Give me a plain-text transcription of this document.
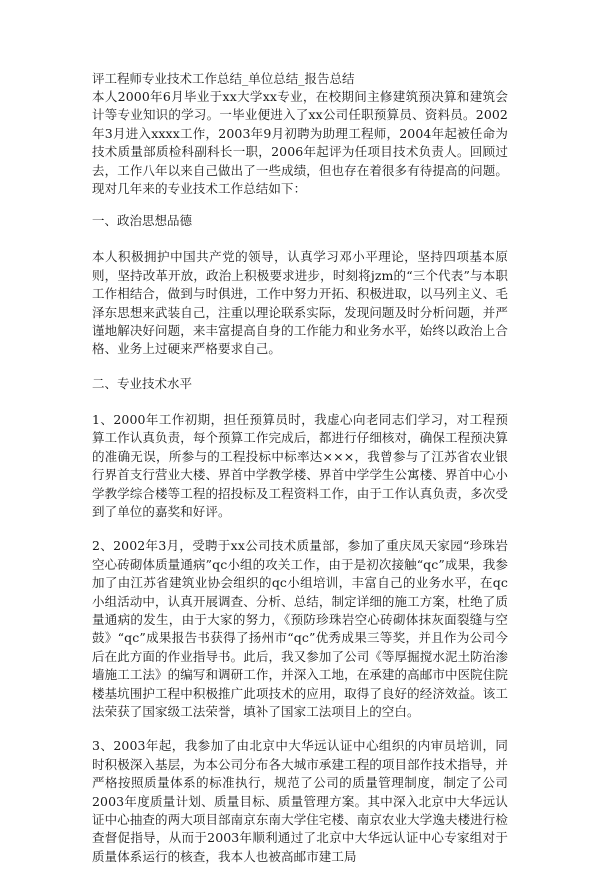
评工程师专业技术工作总结_单位总结_报告总结

本人2000年6月毕业于xx大学xx专业，在校期间主修建筑预决算和建筑会计等专业知识的学习。一毕业便进入了xx公司任职预算员、资料员。2002年3月进入xxxx工作，2003年9月初聘为助理工程师，2004年起被任命为技术质量部质检科副科长一职，2006年起评为任项目技术负责人。回顾过去，工作八年以来自己做出了一些成绩，但也存在着很多有待提高的问题。现对几年来的专业技术工作总结如下：

一、政治思想品德

本人积极拥护中国共产党的领导，认真学习邓小平理论，坚持四项基本原则，坚持改革开放，政治上积极要求进步，时刻将jzm的“三个代表”与本职工作相结合，做到与时俱进，工作中努力开拓、积极进取，以马列主义、毛泽东思想来武装自己，注重以理论联系实际，发现问题及时分析问题，并严谨地解决好问题，来丰富提高自身的工作能力和业务水平，始终以政治上合格、业务上过硬来严格要求自己。

二、专业技术水平

1、2000年工作初期，担任预算员时，我虚心向老同志们学习，对工程预算工作认真负责，每个预算工作完成后，都进行仔细核对，确保工程预决算的准确无误，所参与的工程投标中标率达×××，我曾参与了江苏省农业银行界首支行营业大楼、界首中学教学楼、界首中学学生公寓楼、界首中心小学教学综合楼等工程的招投标及工程资料工作，由于工作认真负责，多次受到了单位的嘉奖和好评。

2、2002年3月，受聘于xx公司技术质量部，参加了重庆凤天家园“珍珠岩空心砖砌体质量通病”qc小组的攻关工作，由于是初次接触“qc”成果，我参加了由江苏省建筑业协会组织的qc小组培训，丰富自己的业务水平，在qc小组活动中，认真开展调查、分析、总结，制定详细的施工方案，杜绝了质量通病的发生，由于大家的努力，《预防珍珠岩空心砖砌体抹灰面裂缝与空鼓》“qc”成果报告书获得了扬州市“qc”优秀成果三等奖，并且作为公司今后在此方面的作业指导书。此后，我又参加了公司《等厚掘搅水泥土防治渗墙施工工法》的编写和调研工作，并深入工地，在承建的高邮市中医院住院楼基坑围护工程中积极推广此项技术的应用，取得了良好的经济效益。该工法荣获了国家级工法荣誉，填补了国家工法项目上的空白。

3、2003年起，我参加了由北京中大华远认证中心组织的内审员培训，同时积极深入基层，为本公司分布各大城市承建工程的项目部作技术指导，并严格按照质量体系的标准执行，规范了公司的质量管理制度，制定了公司2003年度质量计划、质量目标、质量管理方案。其中深入北京中大华远认证中心抽查的两大项目部南京东南大学住宅楼、南京农业大学逸夫楼进行检查督促指导，从而于2003年顺利通过了北京中大华远认证中心专家组对于质量体系运行的核查，我本人也被高邮市建工局
